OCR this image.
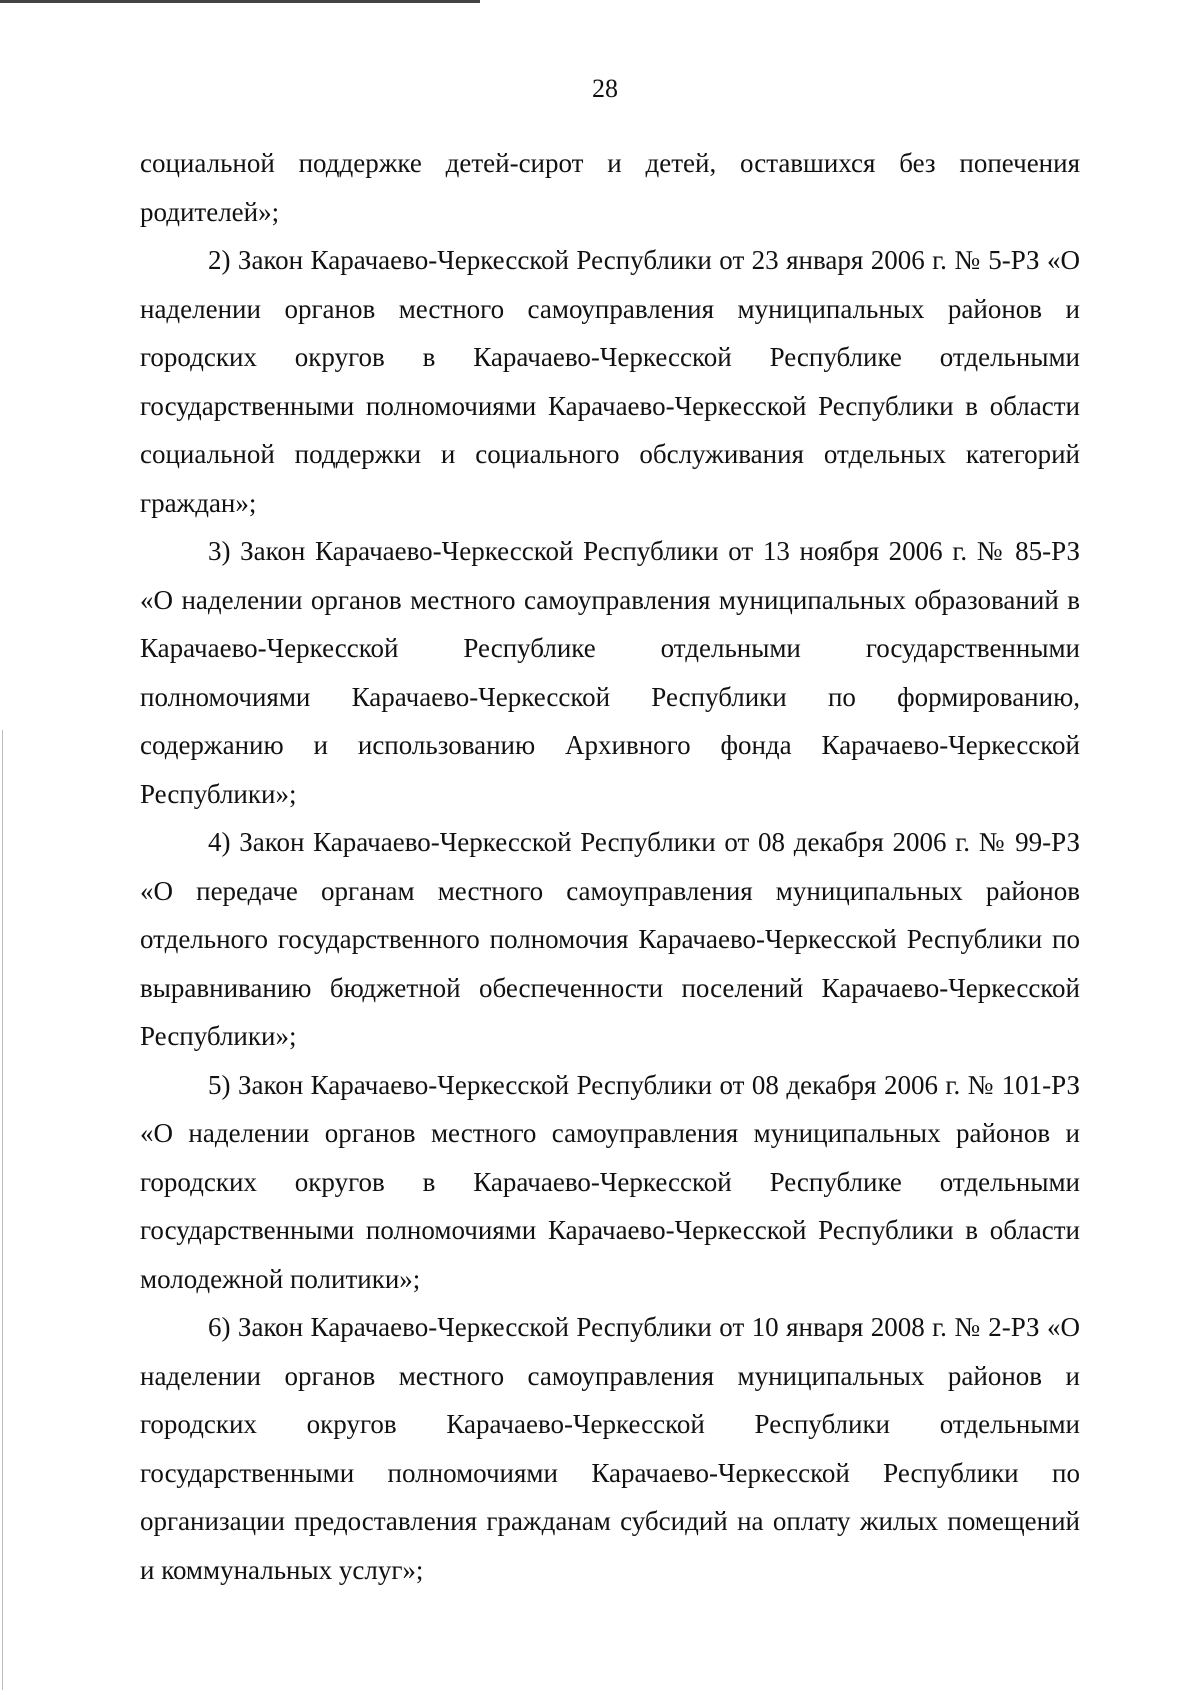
28

социальной поддержке детей-сирот и детей, оставшихся без попечения родителей»;

2) Закон Карачаево-Черкесской Республики от 23 января 2006 г. № 5-РЗ «О наделении органов местного самоуправления муниципальных районов и городских округов в Карачаево-Черкесской Республике отдельными государственными полномочиями Карачаево-Черкесской Республики в области социальной поддержки и социального обслуживания отдельных категорий граждан»;

3) Закон Карачаево-Черкесской Республики от 13 ноября 2006 г. № 85-РЗ «О наделении органов местного самоуправления муниципальных образований в Карачаево-Черкесской Республике отдельными государственными полномочиями Карачаево-Черкесской Республики по формированию, содержанию и использованию Архивного фонда Карачаево-Черкесской Республики»;

4) Закон Карачаево-Черкесской Республики от 08 декабря 2006 г. № 99-РЗ «О передаче органам местного самоуправления муниципальных районов отдельного государственного полномочия Карачаево-Черкесской Республики по выравниванию бюджетной обеспеченности поселений Карачаево-Черкесской Республики»;

5) Закон Карачаево-Черкесской Республики от 08 декабря 2006 г. № 101-РЗ «О наделении органов местного самоуправления муниципальных районов и городских округов в Карачаево-Черкесской Республике отдельными государственными полномочиями Карачаево-Черкесской Республики в области молодежной политики»;

6) Закон Карачаево-Черкесской Республики от 10 января 2008 г. № 2-РЗ «О наделении органов местного самоуправления муниципальных районов и городских округов Карачаево-Черкесской Республики отдельными государственными полномочиями Карачаево-Черкесской Республики по организации предоставления гражданам субсидий на оплату жилых помещений и коммунальных услуг»;
